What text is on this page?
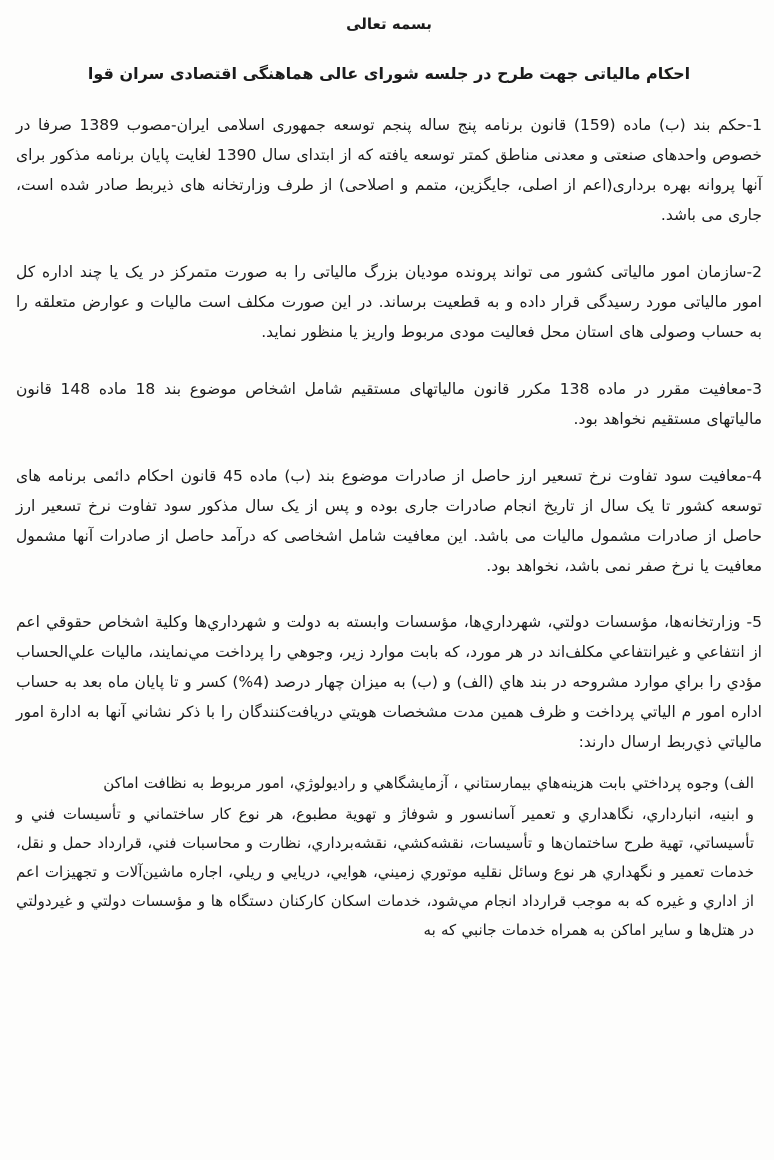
بسمه تعالی
احکام مالیاتی جهت طرح در جلسه شورای عالی هماهنگی اقتصادی سران قوا

1-حکم بند (ب) ماده (159) قانون برنامه پنج ساله پنجم توسعه جمهوری اسلامی ایران-مصوب 1389 صرفا در خصوص واحدهای صنعتی و معدنی مناطق کمتر توسعه یافته که از ابتدای سال 1390 لغایت پایان برنامه مذکور برای آنها پروانه بهره برداری(اعم از اصلی، جایگزین، متمم و اصلاحی) از طرف وزارتخانه های ذیربط صادر شده است، جاری می باشد.

2-سازمان امور مالیاتی کشور می تواند پرونده مودیان بزرگ مالیاتی را به صورت متمرکز در یک یا چند اداره کل امور مالیاتی مورد رسیدگی قرار داده و به قطعیت برساند. در این صورت مکلف است مالیات و عوارض متعلقه را به حساب وصولی های استان محل فعالیت مودی مربوط واریز یا منظور نماید.

3-معافیت مقرر در ماده 138 مکرر قانون مالیاتهای مستقیم شامل اشخاص موضوع بند 18 ماده 148 قانون مالیاتهای مستقیم نخواهد بود.

4-معافیت سود تفاوت نرخ تسعیر ارز حاصل از صادرات موضوع بند (ب) ماده 45 قانون احکام دائمی برنامه های توسعه کشور تا یک سال از تاریخ انجام صادرات جاری بوده و پس از یک سال مذکور سود تفاوت نرخ تسعیر ارز حاصل از صادرات مشمول مالیات می باشد. این معافیت شامل اشخاصی که درآمد حاصل از صادرات آنها مشمول معافیت یا نرخ صفر نمی باشد، نخواهد بود.

5- وزارتخانه‌ها، مؤسسات دولتي، شهرداري‌ها، مؤسسات وابسته به دولت و شهرداري‌ها وكلية اشخاص حقوقي اعم از انتفاعي و غيرانتفاعي مكلف‌اند در هر مورد، كه بابت موارد زير، وجوهي را پرداخت مي‌نمايند، ماليات علي‌الحساب مؤدي را براي موارد مشروحه در بند هاي (الف) و (ب) به ميزان چهار درصد (4%) كسر و تا پايان ماه بعد به حساب اداره امور م الياتي پرداخت و ظرف همين مدت مشخصات هويتي دريافت‌كنندگان را با ذكر نشاني آنها به ادارة امور مالياتي ذي‌ربط ارسال دارند:

الف) وجوه پرداختي بابت هزينه‌هاي بيمارستاني ، آزمايشگاهي و راديولوژي، امور مربوط به نظافت اماكن

و ابنيه، انبارداري، نگاهداري و تعمير آسانسور و شوفاژ و تهوية مطبوع، هر نوع كار ساختماني و تأسيسات فني و تأسيساتي، تهية طرح ساختمان‌ها و تأسيسات، نقشه‌كشي، نقشه‌برداري، نظارت و محاسبات فني، قرارداد حمل و نقل، خدمات تعمير و نگهداري هر نوع وسائل نقليه موتوري زميني، هوايي، دريايي و ريلي، اجاره ماشين‌آلات و تجهيزات اعم از اداري و غيره كه به موجب قرارداد انجام مي‌شود، خدمات اسكان كاركنان دستگاه ها و مؤسسات دولتي و غيردولتي در هتل‌ها و ساير اماكن به همراه خدمات جانبي كه به
